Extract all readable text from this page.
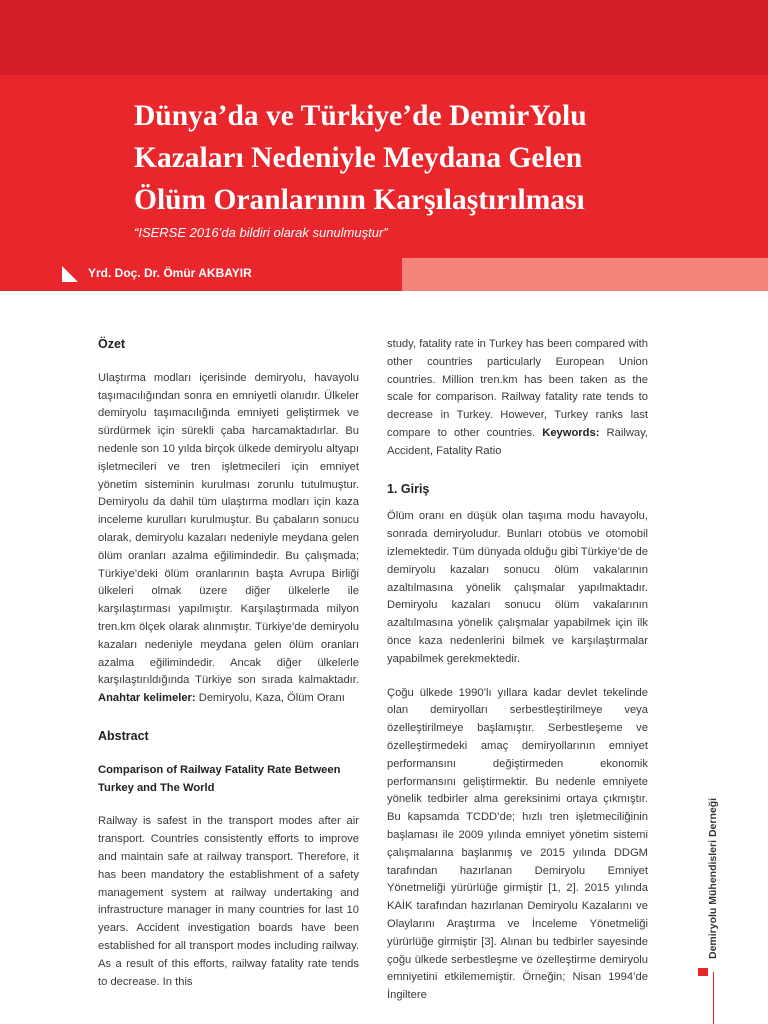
Dünya’da ve Türkiye’de DemirYolu
Kazaları Nedeniyle Meydana Gelen
Ölüm Oranlarının Karşılaştırılması
“ISERSE 2016’da bildiri olarak sunulmuştur”
Yrd. Doç. Dr. Ömür AKBAYIR
Özet

Ulaştırma modları içerisinde demiryolu, havayolu taşımacılığından sonra en emniyetli olanıdır. Ülkeler demiryolu taşımacılığında emniyeti geliştirmek ve sürdürmek için sürekli çaba harcamaktadırlar. Bu nedenle son 10 yılda birçok ülkede demiryolu altyapı işletmecileri ve tren işletmecileri için emniyet yönetim sisteminin kurulması zorunlu tutulmuştur. Demiryolu da dahil tüm ulaştırma modları için kaza inceleme kurulları kurulmuştur. Bu çabaların sonucu olarak, demiryolu kazaları nedeniyle meydana gelen ölüm oranları azalma eğilimindedir. Bu çalışmada; Türkiye’deki ölüm oranlarının başta Avrupa Birliği ülkeleri olmak üzere diğer ülkelerle ile karşılaştırması yapılmıştır. Karşılaştırmada milyon tren.km ölçek olarak alınmıştır. Türkiye’de demiryolu kazaları nedeniyle meydana gelen ölüm oranları azalma eğilimindedir. Ancak diğer ülkelerle karşılaştırıldığında Türkiye son sırada kalmaktadır. Anahtar kelimeler: Demiryolu, Kaza, Ölüm Oranı

Abstract
Comparison of Railway Fatality Rate Between Turkey and The World

Railway is safest in the transport modes after air transport. Countries consistently efforts to improve and maintain safe at railway transport. Therefore, it has been mandatory the establishment of a safety management system at railway undertaking and infrastructure manager in many countries for last 10 years. Accident investigation boards have been established for all transport modes including railway. As a result of this efforts, railway fatality rate tends to decrease. In this

study, fatality rate in Turkey has been compared with other countries particularly European Union countries. Million tren.km has been taken as the scale for comparison. Railway fatality rate tends to decrease in Turkey. However, Turkey ranks last compare to other countries. Keywords: Railway, Accident, Fatality Ratio

1. Giriş

Ölüm oranı en düşük olan taşıma modu havayolu, sonrada demiryoludur. Bunları otobüs ve otomobil izlemektedir. Tüm dünyada olduğu gibi Türkiye’de de demiryolu kazaları sonucu ölüm vakalarının azaltılmasına yönelik çalışmalar yapılmaktadır. Demiryolu kazaları sonucu ölüm vakalarının azaltılmasına yönelik çalışmalar yapabilmek için ilk önce kaza nedenlerini bilmek ve karşılaştırmalar yapabilmek gerekmektedir.

Çoğu ülkede 1990’lı yıllara kadar devlet tekelinde olan demiryolları serbestleştirilmeye veya özelleştirilmeye başlamıştır. Serbestleşeme ve özelleştirmedeki amaç demiryollarının emniyet performansını değiştirmeden ekonomik performansını geliştirmektir. Bu nedenle emniyete yönelik tedbirler alma gereksinimi ortaya çıkmıştır. Bu kapsamda TCDD’de; hızlı tren işletmeciliğinin başlaması ile 2009 yılında emniyet yönetim sistemi çalışmalarına başlanmış ve 2015 yılında DDGM tarafından hazırlanan Demiryolu Emniyet Yönetmeliği yürürlüğe girmiştir [1, 2]. 2015 yılında KAİK tarafından hazırlanan Demiryolu Kazalarını ve Olaylarını Araştırma ve İnceleme Yönetmeliği yürürlüğe girmiştir [3]. Alınan bu tedbirler sayesinde çoğu ülkede serbestleşme ve özelleştirme demiryolu emniyetini etkilememiştir. Örneğin; Nisan 1994’de İngiltere

Demiryolu Mühendisleri Derneği
